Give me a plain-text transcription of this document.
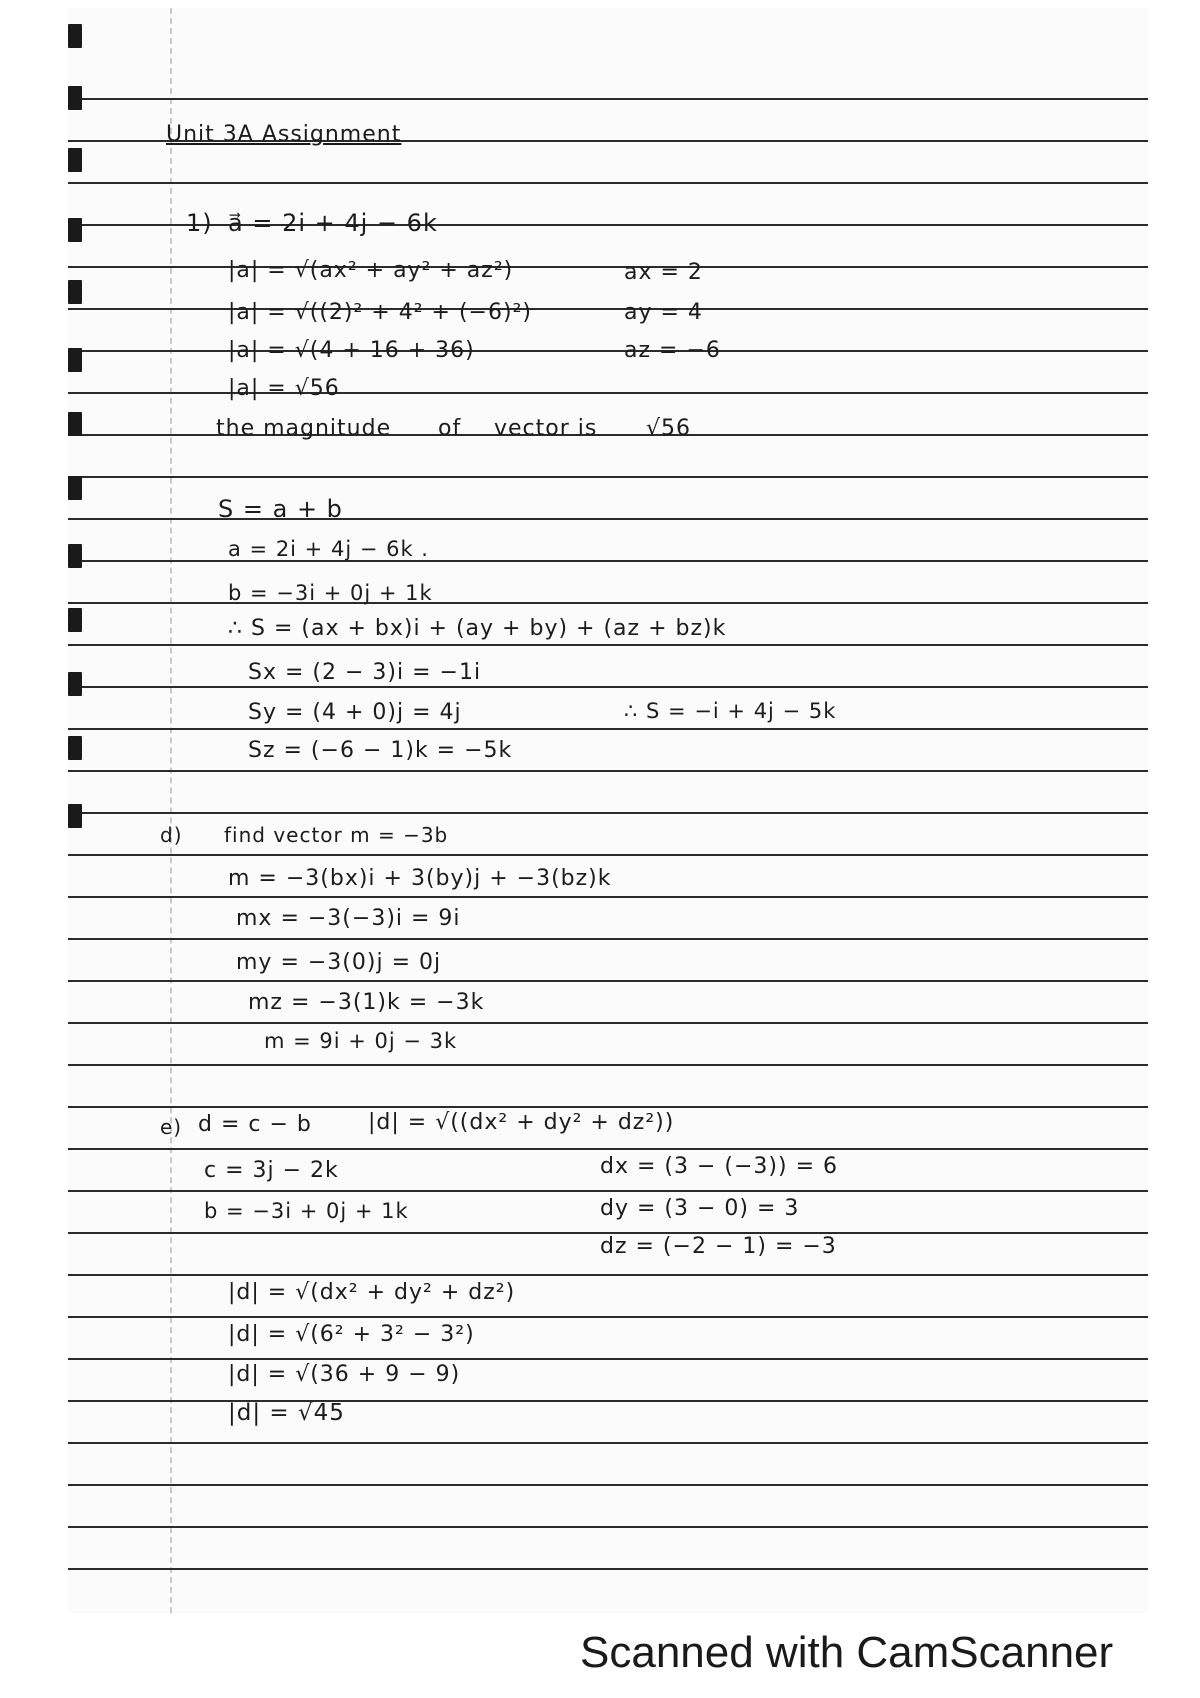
Unit 3A Assignment
1) a⃗ = 2i + 4j − 6k
|a| = √(ax² + ay² + az²)
|a| = √((2)² + 4² + (−6)²)
|a| = √(4 + 16 + 36)
|a| = √56
ax = 2
ay = 4
az = −6
the magnitude of vector is √56
S = a + b
a = 2i + 4j − 6k .
b = −3i + 0j + 1k
∴ S = (ax + bx)i + (ay + by) + (az + bz)k
Sx = (2 − 3)i = −1i
Sy = (4 + 0)j = 4j	∴ S = −i + 4j − 5k
Sz = (−6 − 1)k = −5k
d) find vector m = −3b
m = −3(bx)i + 3(by)j + −3(bz)k
mx = −3(−3)i = 9i
my = −3(0)j = 0j
mz = −3(1)k = −3k
m = 9i + 0j − 3k
e) d = c − b	|d| = √((dx² + dy² + dz²))
c = 3j − 2k	dx = (3 − (−3)) = 6
b = −3i + 0j + 1k	dy = (3 − 0) = 3
dz = (−2 − 1) = −3
|d| = √(dx² + dy² + dz²)
|d| = √(6² + 3² − 3²)
|d| = √(36 + 9 − 9)
|d| = √45
Scanned with CamScanner
